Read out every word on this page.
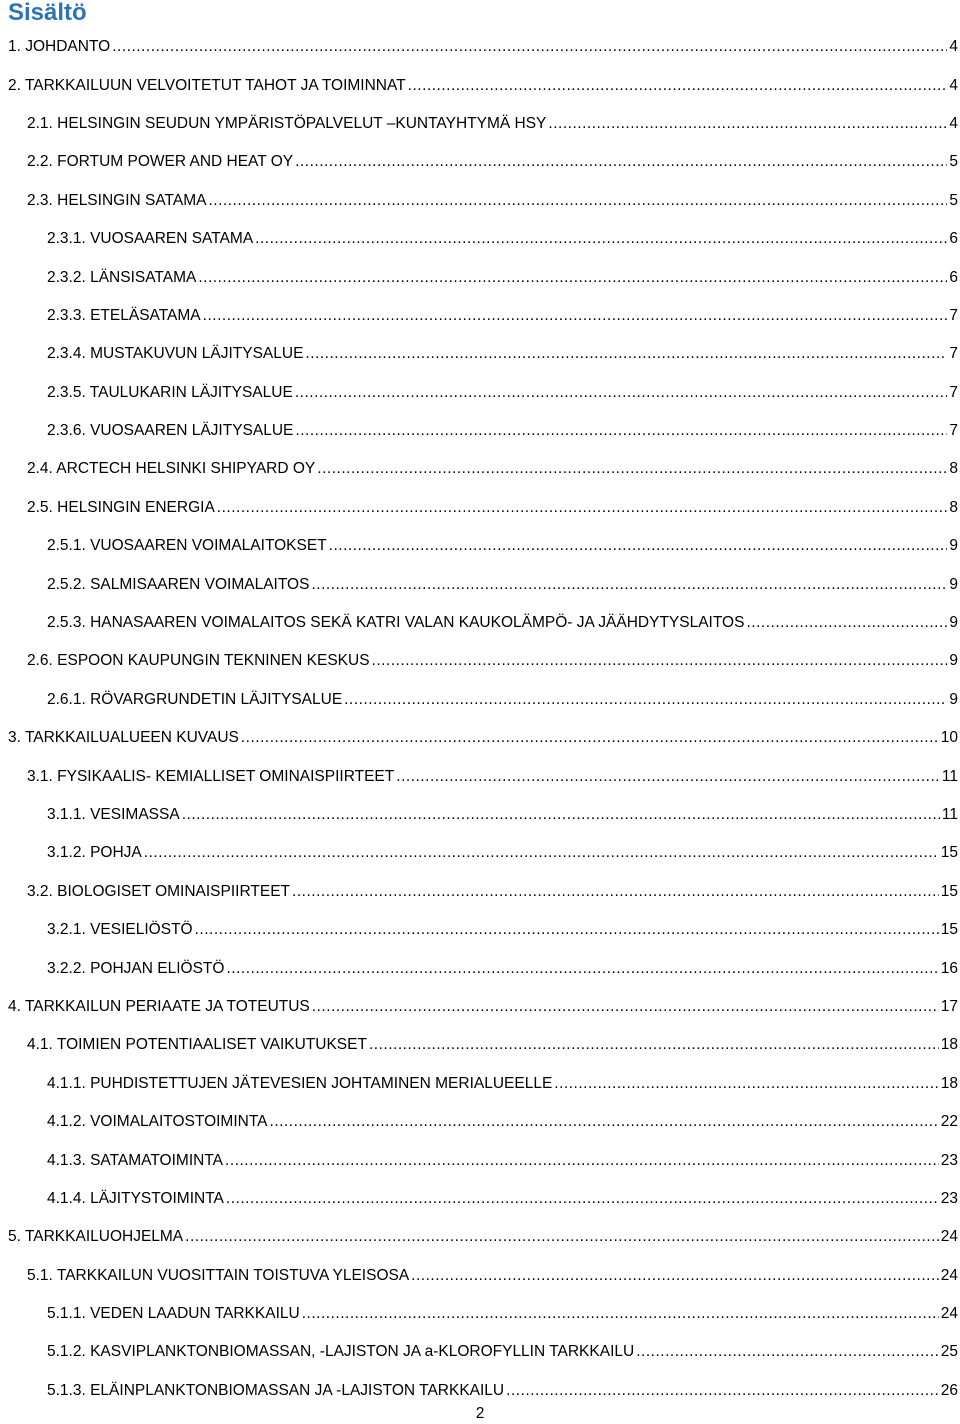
Sisältö
1. JOHDANTO . . .	4
2. TARKKAILUUN VELVOITETUT TAHOT JA TOIMINNAT . . .	4
2.1. HELSINGIN SEUDUN YMPÄRISTÖPALVELUT –KUNTAYHTYMÄ HSY . . .	4
2.2. FORTUM POWER AND HEAT OY . . .	5
2.3. HELSINGIN SATAMA . . .	5
2.3.1. VUOSAAREN SATAMA . . .	6
2.3.2. LÄNSISATAMA . . .	6
2.3.3. ETELÄSATAMA . . .	7
2.3.4. MUSTAKUVUN LÄJITYSALUE . . .	7
2.3.5. TAULUKARIN LÄJITYSALUE . . .	7
2.3.6. VUOSAAREN LÄJITYSALUE . . .	7
2.4. ARCTECH HELSINKI SHIPYARD OY . . .	8
2.5. HELSINGIN ENERGIA . . .	8
2.5.1. VUOSAAREN VOIMALAITOKSET . . .	9
2.5.2. SALMISAAREN VOIMALAITOS . . .	9
2.5.3. HANASAAREN VOIMALAITOS SEKÄ KATRI VALAN KAUKOLÄMPÖ- JA JÄÄHDYTYSLAITOS . . .	9
2.6. ESPOON KAUPUNGIN TEKNINEN KESKUS . . .	9
2.6.1. RÖVARGRUNDETIN LÄJITYSALUE . . .	9
3. TARKKAILUALUEEN KUVAUS . . .	10
3.1. FYSIKAALIS- KEMIALLISET OMINAISPIIRTEET . . .	11
3.1.1. VESIMASSA . . .	11
3.1.2. POHJA . . .	15
3.2. BIOLOGISET OMINAISPIIRTEET . . .	15
3.2.1. VESIELIÖSTÖ . . .	15
3.2.2. POHJAN ELIÖSTÖ . . .	16
4. TARKKAILUN PERIAATE JA TOTEUTUS . . .	17
4.1. TOIMIEN POTENTIAALISET VAIKUTUKSET . . .	18
4.1.1. PUHDISTETTUJEN JÄTEVESIEN JOHTAMINEN MERIALUEELLE . . .	18
4.1.2. VOIMALAITOSTOIMINTA . . .	22
4.1.3. SATAMATOIMINTA . . .	23
4.1.4. LÄJITYSTOIMINTA . . .	23
5. TARKKAILUOHJELMA . . .	24
5.1. TARKKAILUN VUOSITTAIN TOISTUVA YLEISOSA . . .	24
5.1.1. VEDEN LAADUN TARKKAILU . . .	24
5.1.2. KASVIPLANKTONBIOMASSAN, -LAJISTON JA a-KLOROFYLLIN TARKKAILU . . .	25
5.1.3. ELÄINPLANKTONBIOMASSAN JA -LAJISTON TARKKAILU . . .	26
2
